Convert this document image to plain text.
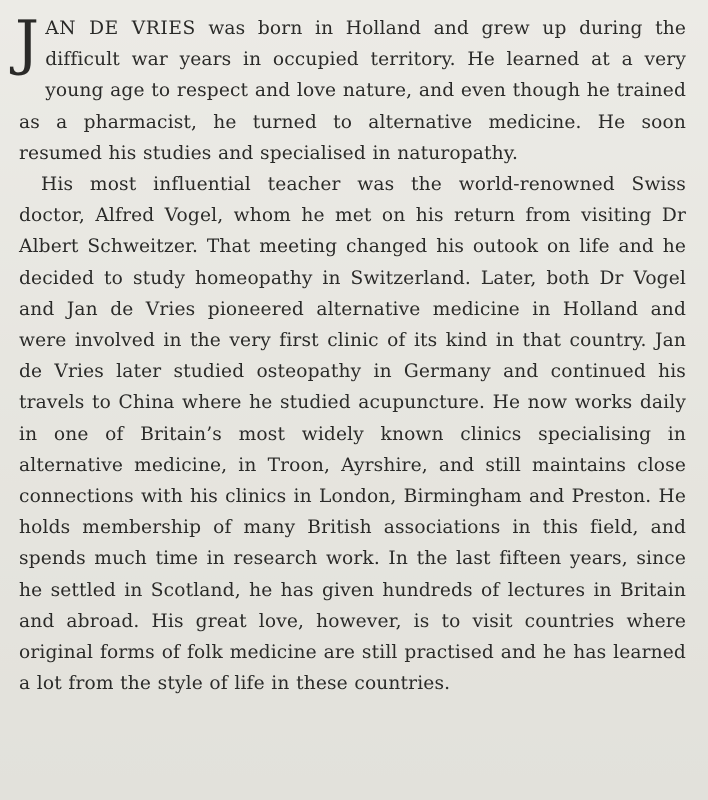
JAN DE VRIES was born in Holland and grew up during the difficult war years in occupied territory. He learned at a very young age to respect and love nature, and even though he trained as a pharmacist, he turned to alternative medicine. He soon resumed his studies and specialised in naturopathy.

His most influential teacher was the world-renowned Swiss doctor, Alfred Vogel, whom he met on his return from visiting Dr Albert Schweitzer. That meeting changed his outook on life and he decided to study homeopathy in Switzerland. Later, both Dr Vogel and Jan de Vries pioneered alternative medicine in Holland and were involved in the very first clinic of its kind in that country. Jan de Vries later studied osteopathy in Germany and continued his travels to China where he studied acupuncture. He now works daily in one of Britain’s most widely known clinics specialising in alternative medicine, in Troon, Ayrshire, and still maintains close connections with his clinics in London, Birmingham and Preston. He holds membership of many British associations in this field, and spends much time in research work. In the last fifteen years, since he settled in Scotland, he has given hundreds of lectures in Britain and abroad. His great love, however, is to visit countries where original forms of folk medicine are still practised and he has learned a lot from the style of life in these countries.
